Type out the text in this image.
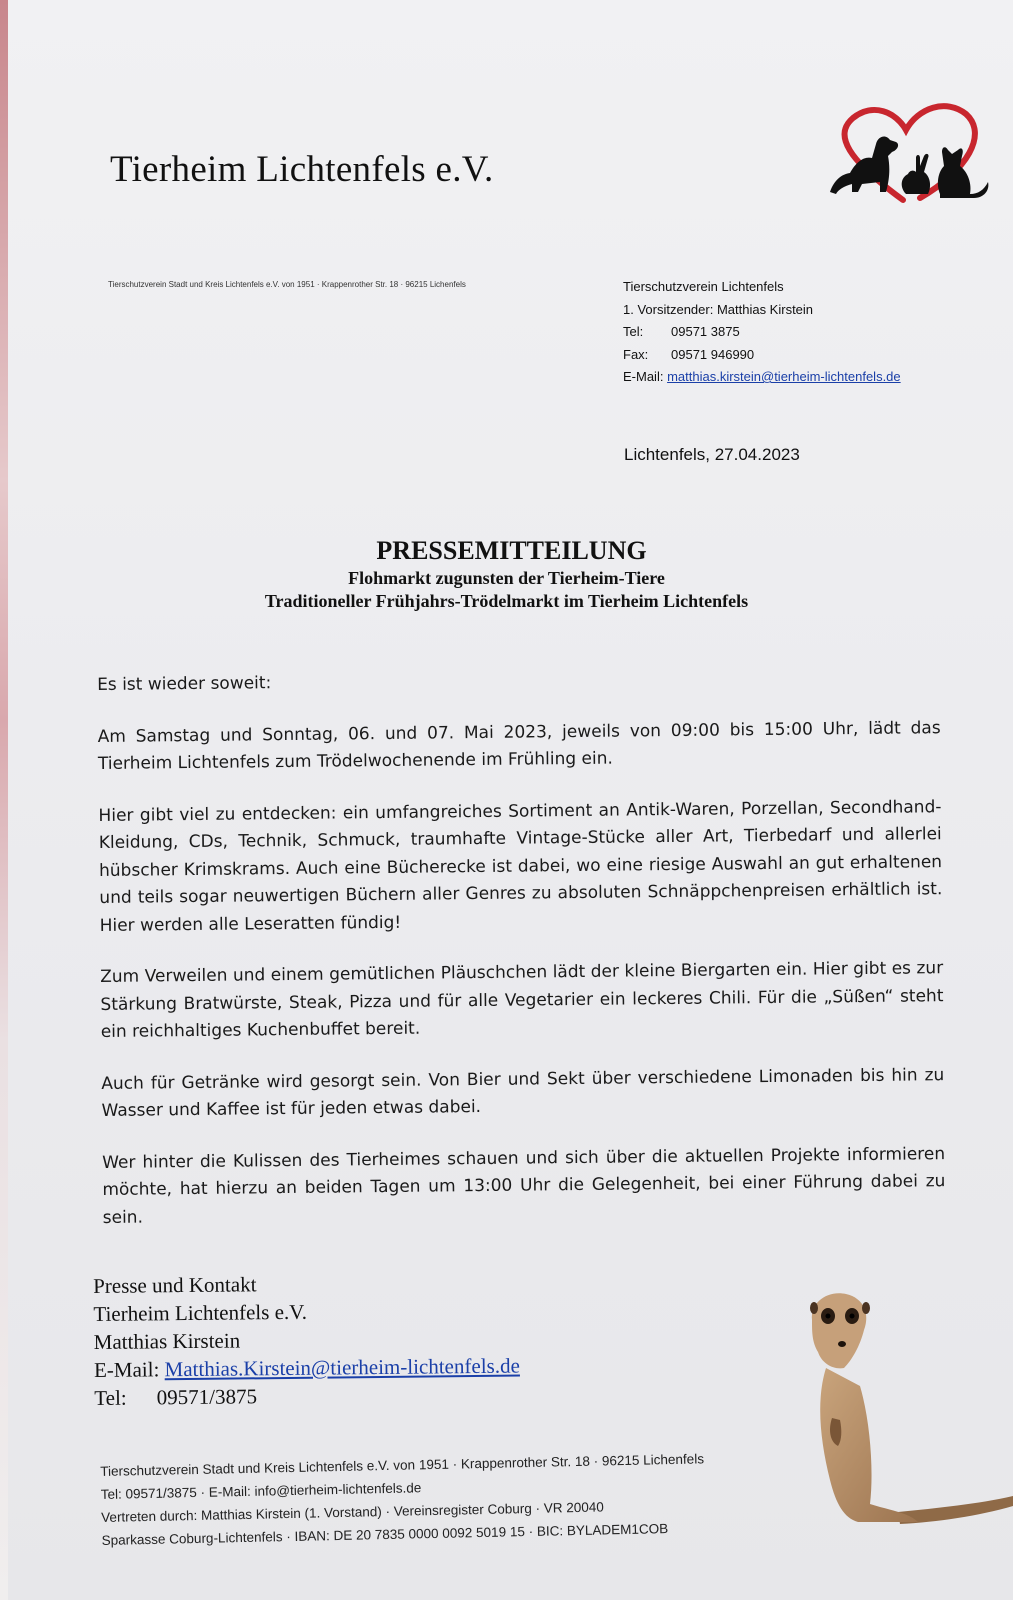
Tierheim Lichtenfels e.V.
Tierschutzverein Stadt und Kreis Lichtenfels e.V. von 1951 · Krappenrother Str. 18 · 96215 Lichenfels	Tierschutzverein Lichtenfels
1. Vorsitzender: Matthias Kirstein
Tel: 09571 3875
Fax: 09571 946990
E-Mail: matthias.kirstein@tierheim-lichtenfels.de
Lichtenfels, 27.04.2023
PRESSEMITTEILUNG
Flohmarkt zugunsten der Tierheim-Tiere
Traditioneller Frühjahrs-Trödelmarkt im Tierheim Lichtenfels

Es ist wieder soweit:

Am Samstag und Sonntag, 06. und 07. Mai 2023, jeweils von 09:00 bis 15:00 Uhr, lädt das Tierheim Lichtenfels zum Trödelwochenende im Frühling ein.

Hier gibt viel zu entdecken: ein umfangreiches Sortiment an Antik-Waren, Porzellan, Secondhand-Kleidung, CDs, Technik, Schmuck, traumhafte Vintage-Stücke aller Art, Tierbedarf und allerlei hübscher Krimskrams. Auch eine Bücherecke ist dabei, wo eine riesige Auswahl an gut erhaltenen und teils sogar neuwertigen Büchern aller Genres zu absoluten Schnäppchenpreisen erhältlich ist. Hier werden alle Leseratten fündig!

Zum Verweilen und einem gemütlichen Pläuschchen lädt der kleine Biergarten ein. Hier gibt es zur Stärkung Bratwürste, Steak, Pizza und für alle Vegetarier ein leckeres Chili. Für die „Süßen“ steht ein reichhaltiges Kuchenbuffet bereit.

Auch für Getränke wird gesorgt sein. Von Bier und Sekt über verschiedene Limonaden bis hin zu Wasser und Kaffee ist für jeden etwas dabei.

Wer hinter die Kulissen des Tierheimes schauen und sich über die aktuellen Projekte informieren möchte, hat hierzu an beiden Tagen um 13:00 Uhr die Gelegenheit, bei einer Führung dabei zu sein.

Presse und Kontakt
Tierheim Lichtenfels e.V.
Matthias Kirstein
E-Mail: Matthias.Kirstein@tierheim-lichtenfels.de
Tel: 09571/3875
Tierschutzverein Stadt und Kreis Lichtenfels e.V. von 1951 · Krappenrother Str. 18 · 96215 Lichenfels
Tel: 09571/3875 · E-Mail: info@tierheim-lichtenfels.de
Vertreten durch: Matthias Kirstein (1. Vorstand) · Vereinsregister Coburg · VR 20040
Sparkasse Coburg-Lichtenfels · IBAN: DE 20 7835 0000 0092 5019 15 · BIC: BYLADEM1COB
